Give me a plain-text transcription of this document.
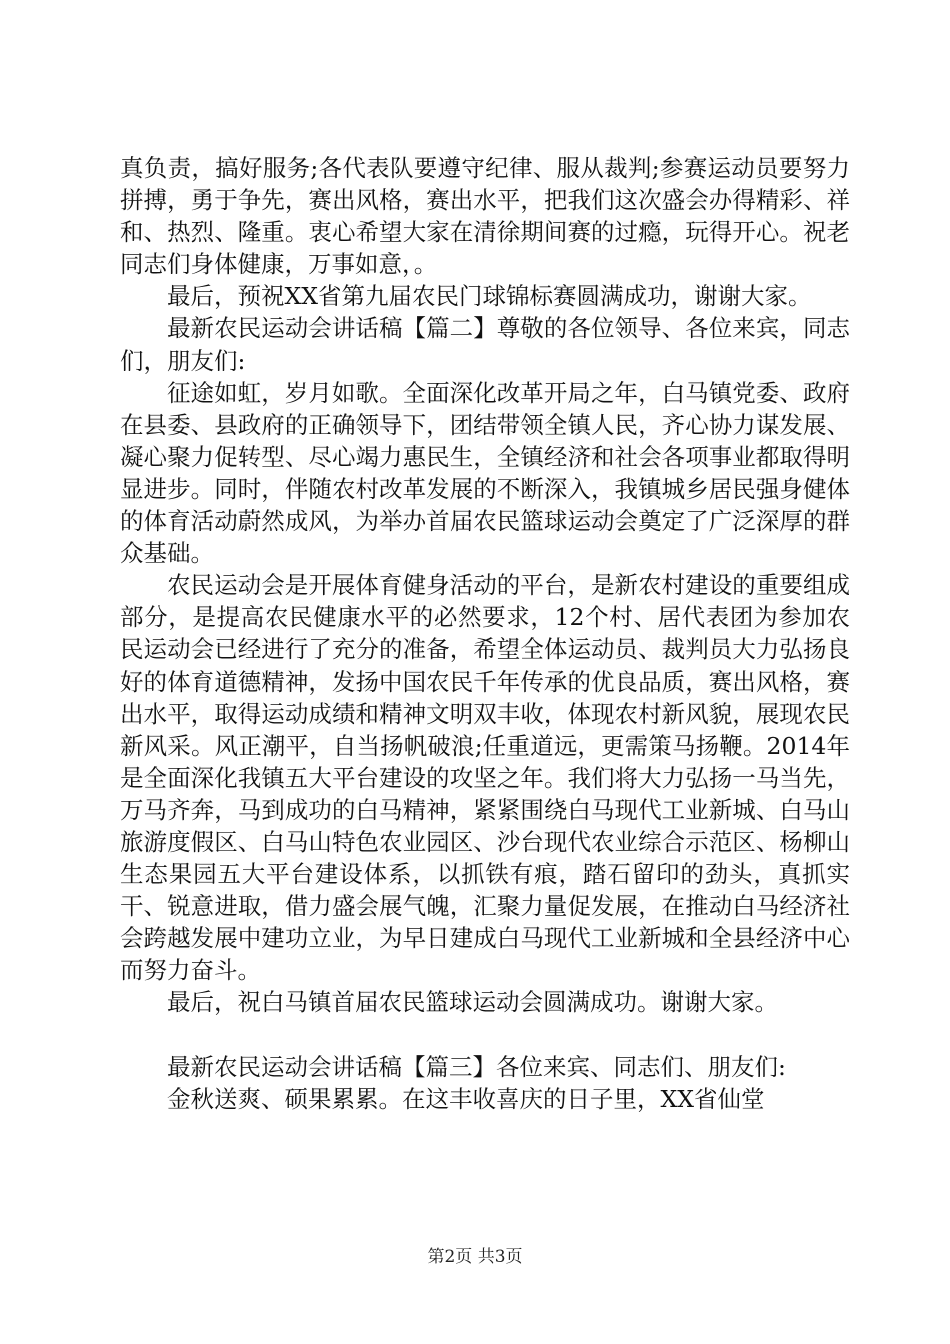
真负责，搞好服务;各代表队要遵守纪律、服从裁判;参赛运动员要努力拼搏，勇于争先，赛出风格，赛出水平，把我们这次盛会办得精彩、祥和、热烈、隆重。衷心希望大家在清徐期间赛的过瘾，玩得开心。祝老同志们身体健康，万事如意，。

最后，预祝XX省第九届农民门球锦标赛圆满成功，谢谢大家。

最新农民运动会讲话稿【篇二】尊敬的各位领导、各位来宾，同志们，朋友们:

征途如虹，岁月如歌。全面深化改革开局之年，白马镇党委、政府在县委、县政府的正确领导下，团结带领全镇人民，齐心协力谋发展、凝心聚力促转型、尽心竭力惠民生，全镇经济和社会各项事业都取得明显进步。同时，伴随农村改革发展的不断深入，我镇城乡居民强身健体的体育活动蔚然成风，为举办首届农民篮球运动会奠定了广泛深厚的群众基础。

农民运动会是开展体育健身活动的平台，是新农村建设的重要组成部分，是提高农民健康水平的必然要求，12个村、居代表团为参加农民运动会已经进行了充分的准备，希望全体运动员、裁判员大力弘扬良好的体育道德精神，发扬中国农民千年传承的优良品质，赛出风格，赛出水平，取得运动成绩和精神文明双丰收，体现农村新风貌，展现农民新风采。风正潮平，自当扬帆破浪;任重道远，更需策马扬鞭。2014年是全面深化我镇五大平台建设的攻坚之年。我们将大力弘扬一马当先，万马齐奔，马到成功的白马精神，紧紧围绕白马现代工业新城、白马山旅游度假区、白马山特色农业园区、沙台现代农业综合示范区、杨柳山生态果园五大平台建设体系，以抓铁有痕，踏石留印的劲头，真抓实干、锐意进取，借力盛会展气魄，汇聚力量促发展，在推动白马经济社会跨越发展中建功立业，为早日建成白马现代工业新城和全县经济中心而努力奋斗。

最后，祝白马镇首届农民篮球运动会圆满成功。谢谢大家。

最新农民运动会讲话稿【篇三】各位来宾、同志们、朋友们:

金秋送爽、硕果累累。在这丰收喜庆的日子里，XX省仙堂

第2页 共3页
